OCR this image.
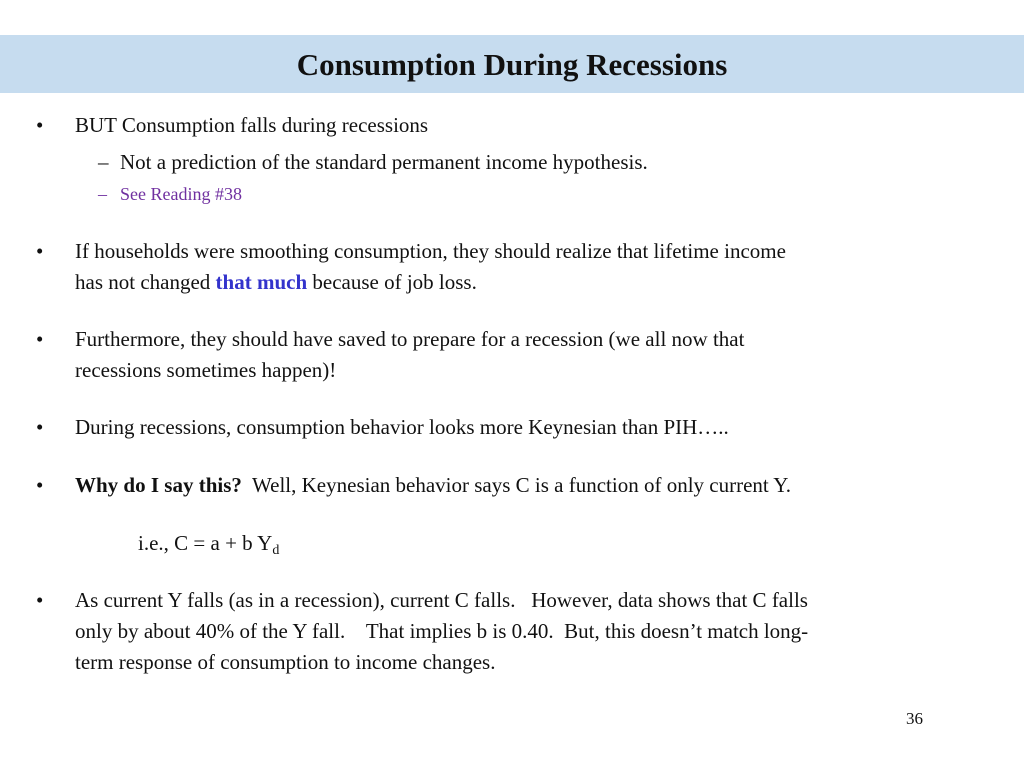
Consumption During Recessions
• BUT Consumption falls during recessions
– Not a prediction of the standard permanent income hypothesis.
– See Reading #38
• If households were smoothing consumption, they should realize that lifetime income
has not changed that much because of job loss.
• Furthermore, they should have saved to prepare for a recession (we all now that
recessions sometimes happen)!
• During recessions, consumption behavior looks more Keynesian than PIH…..
• Why do I say this?  Well, Keynesian behavior says C is a function of only current Y.
i.e., C = a + b $Y_d$
• As current Y falls (as in a recession), current C falls.   However, data shows that C falls
only by about 40% of the Y fall.    That implies b is 0.40.  But, this doesn’t match long-
term response of consumption to income changes.
36
